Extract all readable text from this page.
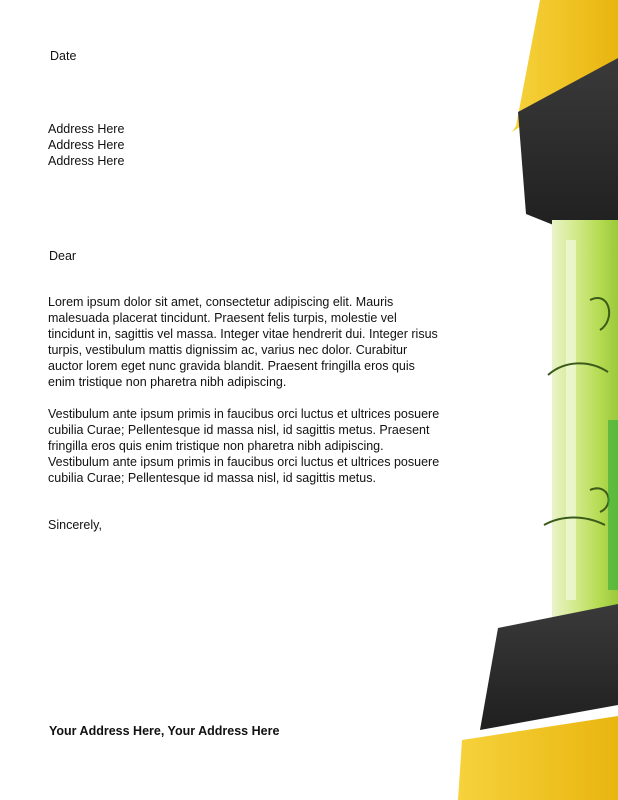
Date
Address Here
Address Here
Address Here
Dear

Lorem ipsum dolor sit amet, consectetur adipiscing elit. Mauris malesuada placerat tincidunt. Praesent felis turpis, molestie vel tincidunt in, sagittis vel massa. Integer vitae hendrerit dui. Integer risus turpis, vestibulum mattis dignissim ac, varius nec dolor. Curabitur auctor lorem eget nunc gravida blandit. Praesent fringilla eros quis enim tristique non pharetra nibh adipiscing.

Vestibulum ante ipsum primis in faucibus orci luctus et ultrices posuere cubilia Curae; Pellentesque id massa nisl, id sagittis metus. Praesent fringilla eros quis enim tristique non pharetra nibh adipiscing. Vestibulum ante ipsum primis in faucibus orci luctus et ultrices posuere cubilia Curae; Pellentesque id massa nisl, id sagittis metus.

Sincerely,
Your Address Here, Your Address Here
